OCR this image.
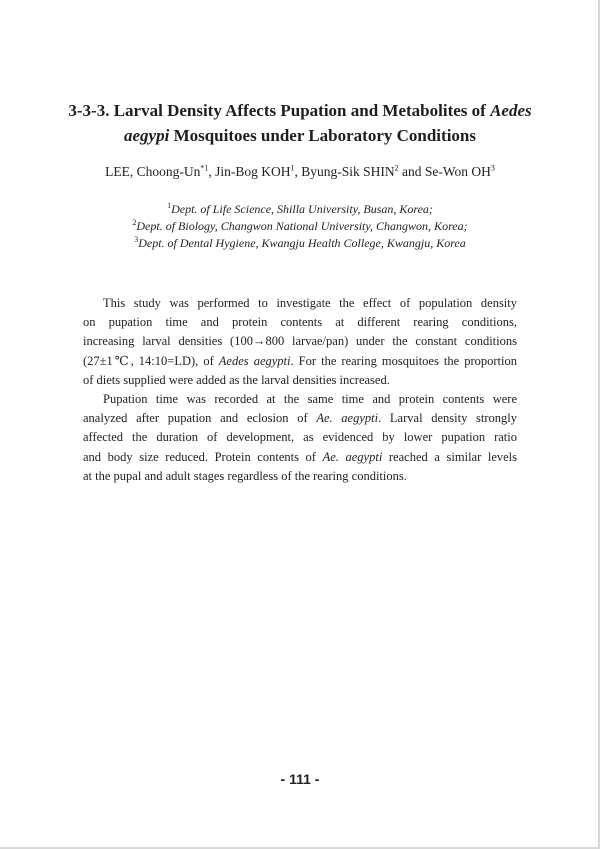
3-3-3. Larval Density Affects Pupation and Metabolites of Aedes
aegypi Mosquitoes under Laboratory Conditions
LEE, Choong-Un$^{*1}$, Jin-Bog KOH$^1$, Byung-Sik SHIN$^2$ and Se-Won $OH^3$
$^1$Dept. of Life Science, Shilla University, Busan, Korea;
$^2$Dept. of Biology, Changwon National University, Changwon, Korea;
$^3$Dept. of Dental Hygiene, Kwangju Health College, Kwangju, Korea
This study was performed to investigate the effect of population density
on pupation time and protein contents at different rearing conditions,
increasing larval densities (100→800 larvae/pan) under the constant conditions
(27±1℃, 14:10=LD), of Aedes aegypti. For the rearing mosquitoes the proportion
of diets supplied were added as the larval densities increased.
Pupation time was recorded at the same time and protein contents were
analyzed after pupation and eclosion of Ae. aegypti. Larval density strongly
affected the duration of development, as evidenced by lower pupation ratio
and body size reduced. Protein contents of Ae. aegypti reached a similar levels
at the pupal and adult stages regardless of the rearing conditions.
- 111 -
